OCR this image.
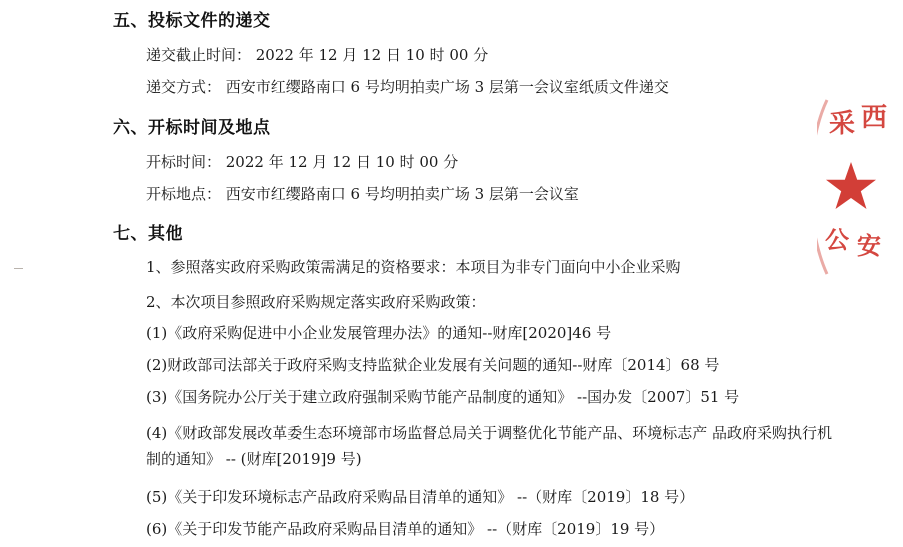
五、投标文件的递交
递交截止时间： 2022 年 12 月 12 日 10 时 00 分
递交方式： 西安市红缨路南口 6 号均明拍卖广场 3 层第一会议室纸质文件递交
六、开标时间及地点
开标时间： 2022 年 12 月 12 日 10 时 00 分
开标地点： 西安市红缨路南口 6 号均明拍卖广场 3 层第一会议室
七、其他
1、参照落实政府采购政策需满足的资格要求：本项目为非专门面向中小企业采购
2、本次项目参照政府采购规定落实政府采购政策：
(1)《政府采购促进中小企业发展管理办法》的通知--财库[2020]46 号
(2)财政部司法部关于政府采购支持监狱企业发展有关问题的通知--财库〔2014〕68 号
(3)《国务院办公厅关于建立政府强制采购节能产品制度的通知》 --国办发〔2007〕51 号
(4)《财政部发展改革委生态环境部市场监督总局关于调整优化节能产品、环境标志产 品政府采购执行机制的通知》 -- (财库[2019]9 号)
(5)《关于印发环境标志产品政府采购品目清单的通知》 --（财库〔2019〕18 号）
(6)《关于印发节能产品政府采购品目清单的通知》 --（财库〔2019〕19 号）
采 西
公 安
